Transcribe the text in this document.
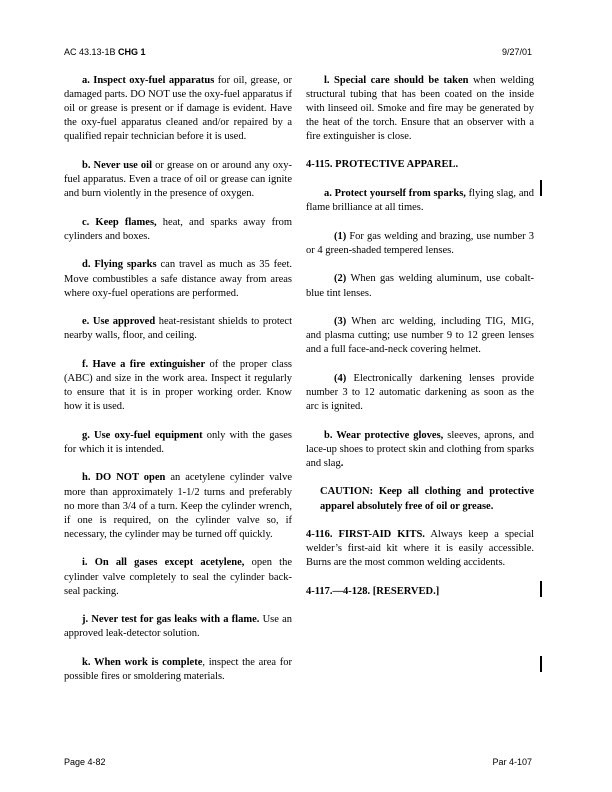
AC 43.13-1B CHG 1	9/27/01

a. Inspect oxy-fuel apparatus for oil, grease, or damaged parts. DO NOT use the oxy-fuel apparatus if oil or grease is present or if damage is evident. Have the oxy-fuel apparatus cleaned and/or repaired by a qualified repair technician before it is used.

b. Never use oil or grease on or around any oxy-fuel apparatus. Even a trace of oil or grease can ignite and burn violently in the presence of oxygen.

c. Keep flames, heat, and sparks away from cylinders and boxes.

d. Flying sparks can travel as much as 35 feet. Move combustibles a safe distance away from areas where oxy-fuel operations are performed.

e. Use approved heat-resistant shields to protect nearby walls, floor, and ceiling.

f. Have a fire extinguisher of the proper class (ABC) and size in the work area. Inspect it regularly to ensure that it is in proper working order. Know how it is used.

g. Use oxy-fuel equipment only with the gases for which it is intended.

h. DO NOT open an acetylene cylinder valve more than approximately 1-1/2 turns and preferably no more than 3/4 of a turn. Keep the cylinder wrench, if one is required, on the cylinder valve so, if necessary, the cylinder may be turned off quickly.

i. On all gases except acetylene, open the cylinder valve completely to seal the cylinder back-seal packing.

j. Never test for gas leaks with a flame. Use an approved leak-detector solution.

k. When work is complete, inspect the area for possible fires or smoldering materials.

l. Special care should be taken when welding structural tubing that has been coated on the inside with linseed oil. Smoke and fire may be generated by the heat of the torch. Ensure that an observer with a fire extinguisher is close.

4-115. PROTECTIVE APPAREL.

a. Protect yourself from sparks, flying slag, and flame brilliance at all times.

(1) For gas welding and brazing, use number 3 or 4 green-shaded tempered lenses.

(2) When gas welding aluminum, use cobalt-blue tint lenses.

(3) When arc welding, including TIG, MIG, and plasma cutting; use number 9 to 12 green lenses and a full face-and-neck covering helmet.

(4) Electronically darkening lenses provide number 3 to 12 automatic darkening as soon as the arc is ignited.

b. Wear protective gloves, sleeves, aprons, and lace-up shoes to protect skin and clothing from sparks and slag.

CAUTION: Keep all clothing and protective apparel absolutely free of oil or grease.

4-116. FIRST-AID KITS. Always keep a special welder’s first-aid kit where it is easily accessible. Burns are the most common welding accidents.

4-117.—4-128. [RESERVED.]

Page 4-82	Par 4-107
